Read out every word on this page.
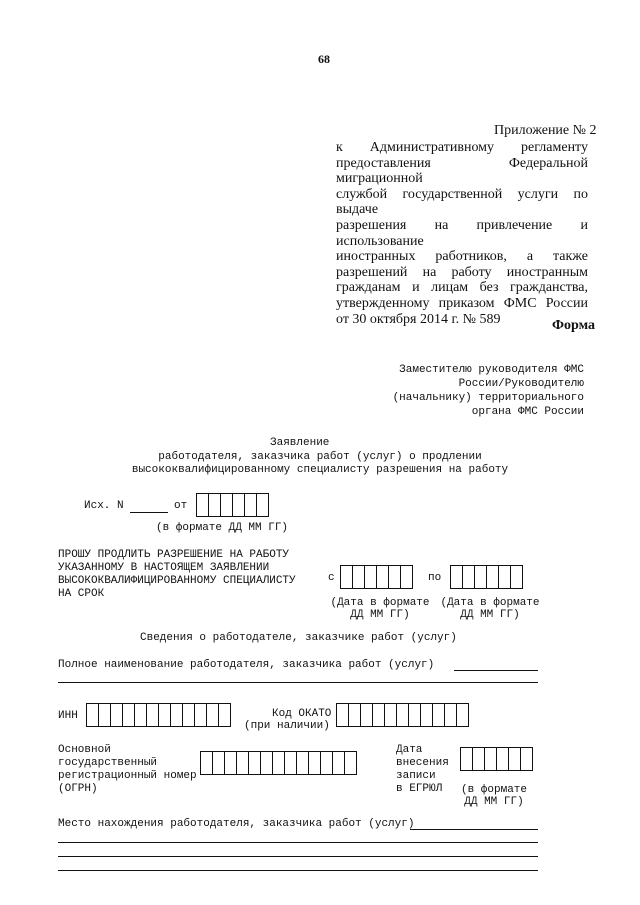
68
Приложение № 2
к Административному регламенту
предоставления Федеральной миграционной
службой государственной услуги по выдаче
разрешения на привлечение и использование
иностранных работников, а также
разрешений на работу иностранным
гражданам и лицам без гражданства,
утвержденному приказом ФМС России
от 30 октября 2014 г. № 589	Форма
Заместителю руководителя ФМС
России/Руководителю
(начальнику) территориального
органа ФМС России
Заявление
работодателя, заказчика работ (услуг) о продлении
высококвалифицированному специалисту разрешения на работу
Исх. N	от
(в формате ДД ММ ГГ)
ПРОШУ ПРОДЛИТЬ РАЗРЕШЕНИЕ НА РАБОТУ
УКАЗАННОМУ В НАСТОЯЩЕМ ЗАЯВЛЕНИИ
ВЫСОКОКВАЛИФИЦИРОВАННОМУ СПЕЦИАЛИСТУ
НА СРОК
с	по
(Дата в формате
ДД ММ ГГ)
(Дата в формате
ДД ММ ГГ)
Сведения о работодателе, заказчике работ (услуг)
Полное наименование работодателя, заказчика работ (услуг)
ИНН	Код ОКАТО
(при наличии)
Основной
государственный
регистрационный номер
(ОГРН)
Дата
внесения
записи
в ЕГРЮЛ	(в формате
ДД ММ ГГ)
Место нахождения работодателя, заказчика работ (услуг)
